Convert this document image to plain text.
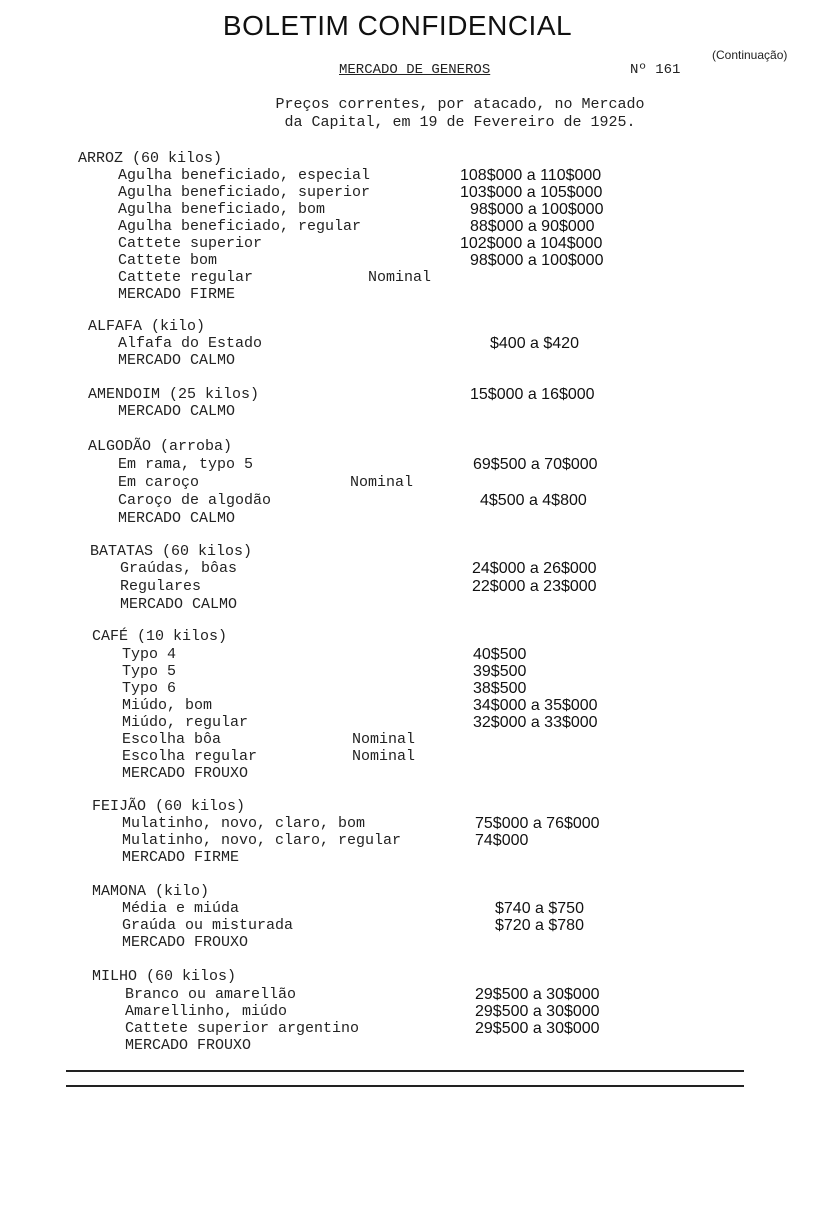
BOLETIM CONFIDENCIAL
(Continuação)
MERCADO DE GENEROS	Nº 161
Preços correntes, por atacado, no Mercado
da Capital, em 19 de Fevereiro de 1925.
ARROZ (60 kilos)
Agulha beneficiado, especial	108$000 a 110$000
Agulha beneficiado, superior	103$000 a 105$000
Agulha beneficiado, bom	98$000 a 100$000
Agulha beneficiado, regular	88$000 a 90$000
Cattete superior	102$000 a 104$000
Cattete bom	98$000 a 100$000
Cattete regular	Nominal
MERCADO FIRME
ALFAFA (kilo)
Alfafa do Estado	$400 a $420
MERCADO CALMO
AMENDOIM (25 kilos)	15$000 a 16$000
MERCADO CALMO
ALGODÃO (arroba)
Em rama, typo 5	69$500 a 70$000
Em caroço	Nominal
Caroço de algodão	4$500 a 4$800
MERCADO CALMO
BATATAS (60 kilos)
Graúdas, bôas	24$000 a 26$000
Regulares	22$000 a 23$000
MERCADO CALMO
CAFÉ (10 kilos)
Typo 4	40$500
Typo 5	39$500
Typo 6	38$500
Miúdo, bom	34$000 a 35$000
Miúdo, regular	32$000 a 33$000
Escolha bôa	Nominal
Escolha regular	Nominal
MERCADO FROUXO
FEIJÃO (60 kilos)
Mulatinho, novo, claro, bom	75$000 a 76$000
Mulatinho, novo, claro, regular	74$000
MERCADO FIRME
MAMONA (kilo)
Média e miúda	$740 a $750
Graúda ou misturada	$720 a $780
MERCADO FROUXO
MILHO (60 kilos)
Branco ou amarellão	29$500 a 30$000
Amarellinho, miúdo	29$500 a 30$000
Cattete superior argentino	29$500 a 30$000
MERCADO FROUXO
